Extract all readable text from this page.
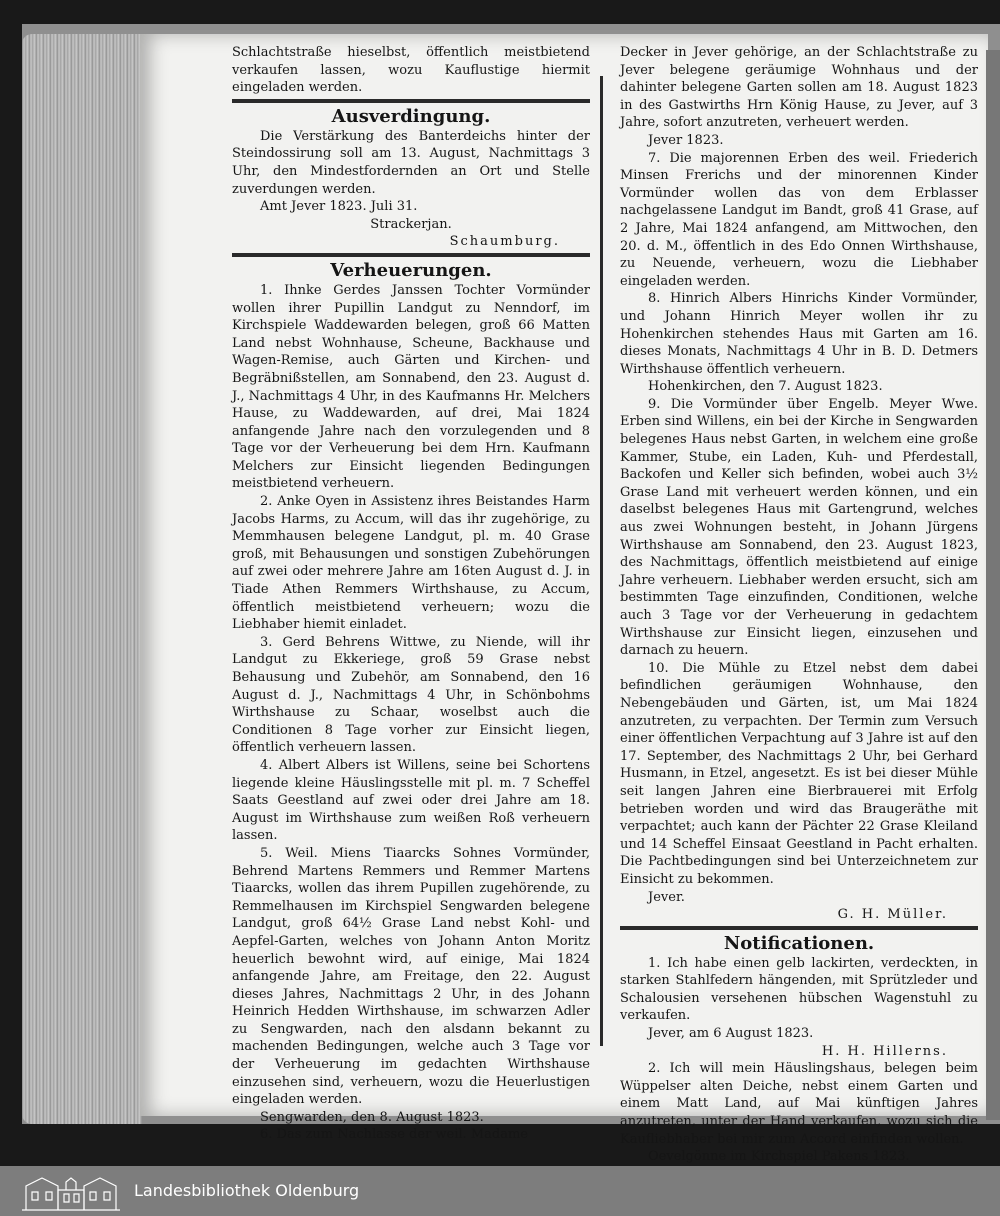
Schlachtstraße hieselbst, öffentlich meistbietend verkaufen lassen, wozu Kauflustige hiermit eingeladen werden.

Ausverdingung.

Die Verstärkung des Banterdeichs hinter der Steindossirung soll am 13. August, Nachmittags 3 Uhr, den Mindestfordernden an Ort und Stelle zuverdungen werden.

Amt Jever 1823. Juli 31.

Strackerjan.

Schaumburg.

Verheuerungen.

1. Ihnke Gerdes Janssen Tochter Vormünder wollen ihrer Pupillin Landgut zu Nenndorf, im Kirchspiele Waddewarden belegen, groß 66 Matten Land nebst Wohnhause, Scheune, Backhause und Wagen-Remise, auch Gärten und Kirchen- und Begräbnißstellen, am Sonnabend, den 23. August d. J., Nachmittags 4 Uhr, in des Kaufmanns Hr. Melchers Hause, zu Waddewarden, auf drei, Mai 1824 anfangende Jahre nach den vorzulegenden und 8 Tage vor der Verheuerung bei dem Hrn. Kaufmann Melchers zur Einsicht liegenden Bedingungen meistbietend verheuern.

2. Anke Oyen in Assistenz ihres Beistandes Harm Jacobs Harms, zu Accum, will das ihr zugehörige, zu Memmhausen belegene Landgut, pl. m. 40 Grase groß, mit Behausungen und sonstigen Zubehörungen auf zwei oder mehrere Jahre am 16ten August d. J. in Tiade Athen Remmers Wirthshause, zu Accum, öffentlich meistbietend verheuern; wozu die Liebhaber hiemit einladet.

3. Gerd Behrens Wittwe, zu Niende, will ihr Landgut zu Ekkeriege, groß 59 Grase nebst Behausung und Zubehör, am Sonnabend, den 16 August d. J., Nachmittags 4 Uhr, in Schönbohms Wirthshause zu Schaar, woselbst auch die Conditionen 8 Tage vorher zur Einsicht liegen, öffentlich verheuern lassen.

4. Albert Albers ist Willens, seine bei Schortens liegende kleine Häuslingsstelle mit pl. m. 7 Scheffel Saats Geestland auf zwei oder drei Jahre am 18. August im Wirthshause zum weißen Roß verheuern lassen.

5. Weil. Miens Tiaarcks Sohnes Vormünder, Behrend Martens Remmers und Remmer Martens Tiaarcks, wollen das ihrem Pupillen zugehörende, zu Remmelhausen im Kirchspiel Sengwarden belegene Landgut, groß 64½ Grase Land nebst Kohl- und Aepfel-Garten, welches von Johann Anton Moritz heuerlich bewohnt wird, auf einige, Mai 1824 anfangende Jahre, am Freitage, den 22. August dieses Jahres, Nachmittags 2 Uhr, in des Johann Heinrich Hedden Wirthshause, im schwarzen Adler zu Sengwarden, nach den alsdann bekannt zu machenden Bedingungen, welche auch 3 Tage vor der Verheuerung im gedachten Wirthshause einzusehen sind, verheuern, wozu die Heuerlustigen eingeladen werden.

Sengwarden, den 8. August 1823.

6. Das zum Nachlasse der weil. Madame

Decker in Jever gehörige, an der Schlachtstraße zu Jever belegene geräumige Wohnhaus und der dahinter belegene Garten sollen am 18. August 1823 in des Gastwirths Hrn König Hause, zu Jever, auf 3 Jahre, sofort anzutreten, verheuert werden.

Jever 1823.

7. Die majorennen Erben des weil. Friederich Minsen Frerichs und der minorennen Kinder Vormünder wollen das von dem Erblasser nachgelassene Landgut im Bandt, groß 41 Grase, auf 2 Jahre, Mai 1824 anfangend, am Mittwochen, den 20. d. M., öffentlich in des Edo Onnen Wirthshause, zu Neuende, verheuern, wozu die Liebhaber eingeladen werden.

8. Hinrich Albers Hinrichs Kinder Vormünder, und Johann Hinrich Meyer wollen ihr zu Hohenkirchen stehendes Haus mit Garten am 16. dieses Monats, Nachmittags 4 Uhr in B. D. Detmers Wirthshause öffentlich verheuern.

Hohenkirchen, den 7. August 1823.

9. Die Vormünder über Engelb. Meyer Wwe. Erben sind Willens, ein bei der Kirche in Sengwarden belegenes Haus nebst Garten, in welchem eine große Kammer, Stube, ein Laden, Kuh- und Pferdestall, Backofen und Keller sich befinden, wobei auch 3½ Grase Land mit verheuert werden können, und ein daselbst belegenes Haus mit Gartengrund, welches aus zwei Wohnungen besteht, in Johann Jürgens Wirthshause am Sonnabend, den 23. August 1823, des Nachmittags, öffentlich meistbietend auf einige Jahre verheuern. Liebhaber werden ersucht, sich am bestimmten Tage einzufinden, Conditionen, welche auch 3 Tage vor der Verheuerung in gedachtem Wirthshause zur Einsicht liegen, einzusehen und darnach zu heuern.

10. Die Mühle zu Etzel nebst dem dabei befindlichen geräumigen Wohnhause, den Nebengebäuden und Gärten, ist, um Mai 1824 anzutreten, zu verpachten. Der Termin zum Versuch einer öffentlichen Verpachtung auf 3 Jahre ist auf den 17. September, des Nachmittags 2 Uhr, bei Gerhard Husmann, in Etzel, angesetzt. Es ist bei dieser Mühle seit langen Jahren eine Bierbrauerei mit Erfolg betrieben worden und wird das Braugeräthe mit verpachtet; auch kann der Pächter 22 Grase Kleiland und 14 Scheffel Einsaat Geestland in Pacht erhalten. Die Pachtbedingungen sind bei Unterzeichnetem zur Einsicht zu bekommen.

Jever.

G. H. Müller.

Notificationen.

1. Ich habe einen gelb lackirten, verdeckten, in starken Stahlfedern hängenden, mit Sprützleder und Schalousien versehenen hübschen Wagenstuhl zu verkaufen.

Jever, am 6 August 1823.

H. H. Hillerns.

2. Ich will mein Häuslingshaus, belegen beim Wüppelser alten Deiche, nebst einem Garten und einem Matt Land, auf Mai künftigen Jahres anzutreten, unter der Hand verkaufen, wozu sich die Kaufliebhaber bei mir zum Accord einfinden wollen.

Oevelgönne im Kirchspiel Pakens 1823.

Landesbibliothek Oldenburg
